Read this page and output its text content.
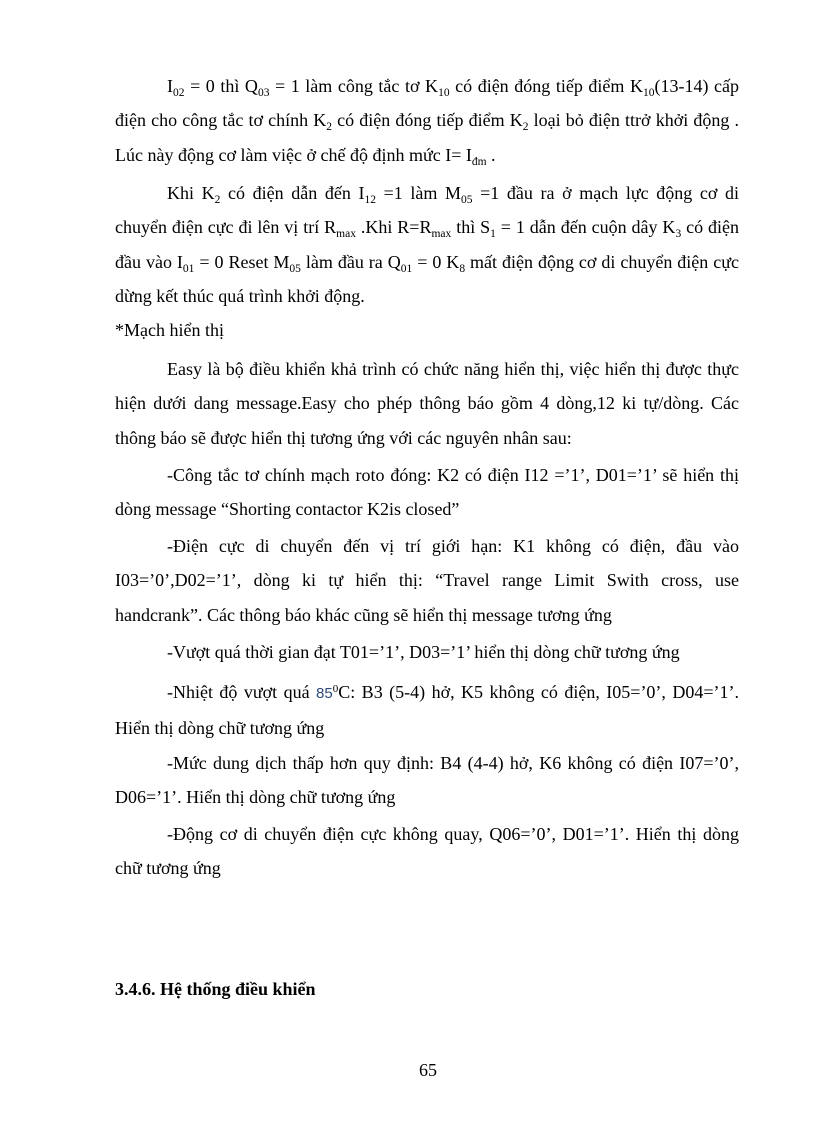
$I_{02} = 0$ thì $Q_{03} = 1$ làm công tắc tơ $K_{10}$ có điện đóng tiếp điểm $K_{10}(13-14)$ cấp điện cho công tắc tơ chính $K_2$ có điện đóng tiếp điểm $K_2$ loại bỏ điện ttrở khởi động . Lúc này động cơ làm việc ở chế độ định mức $I= I_{đm}$ .

Khi $K_2$ có điện dẫn đến $I_{12} =1$ làm $M_{05} =1$ đầu ra ở mạch lực động cơ di chuyển điện cực đi lên vị trí $R_{max}$ .Khi $R=R_{max}$ thì $S_1 = 1$ dẫn đến cuộn dây $K_3$ có điện đầu vào $I_{01} = 0$ Reset $M_{05}$ làm đầu ra $Q_{01} = 0$ $K_8$ mất điện động cơ di chuyển điện cực dừng kết thúc quá trình khởi động.

*Mạch hiển thị

Easy là bộ điều khiển khả trình có chức năng hiển thị, việc hiển thị được thực hiện dưới dang message.Easy cho phép thông báo gồm 4 dòng,12 ki tự/dòng. Các thông báo sẽ được hiển thị tương ứng với các nguyên nhân sau:

-Công tắc tơ chính mạch roto đóng: K2 có điện I12 =’1’, D01=’1’ sẽ hiển thị dòng message “Shorting contactor K2is closed”

-Điện cực di chuyển đến vị trí giới hạn: K1 không có điện, đầu vào I03=’0’,D02=’1’, dòng ki tự hiển thị: “Travel range Limit Swith cross, use handcrank”. Các thông báo khác cũng sẽ hiển thị message tương ứng

-Vượt quá thời gian đạt T01=’1’, D03=’1’ hiển thị dòng chữ tương ứng

-Nhiệt độ vượt quá $85^0C$: B3 (5-4) hở, K5 không có điện, I05=’0’, D04=’1’. Hiển thị dòng chữ tương ứng

-Mức dung dịch thấp hơn quy định: B4 (4-4) hở, K6 không có điện I07=’0’, D06=’1’. Hiển thị dòng chữ tương ứng

-Động cơ di chuyển điện cực không quay, Q06=’0’, D01=’1’. Hiển thị dòng chữ tương ứng

3.4.6. Hệ thống điều khiển

65
